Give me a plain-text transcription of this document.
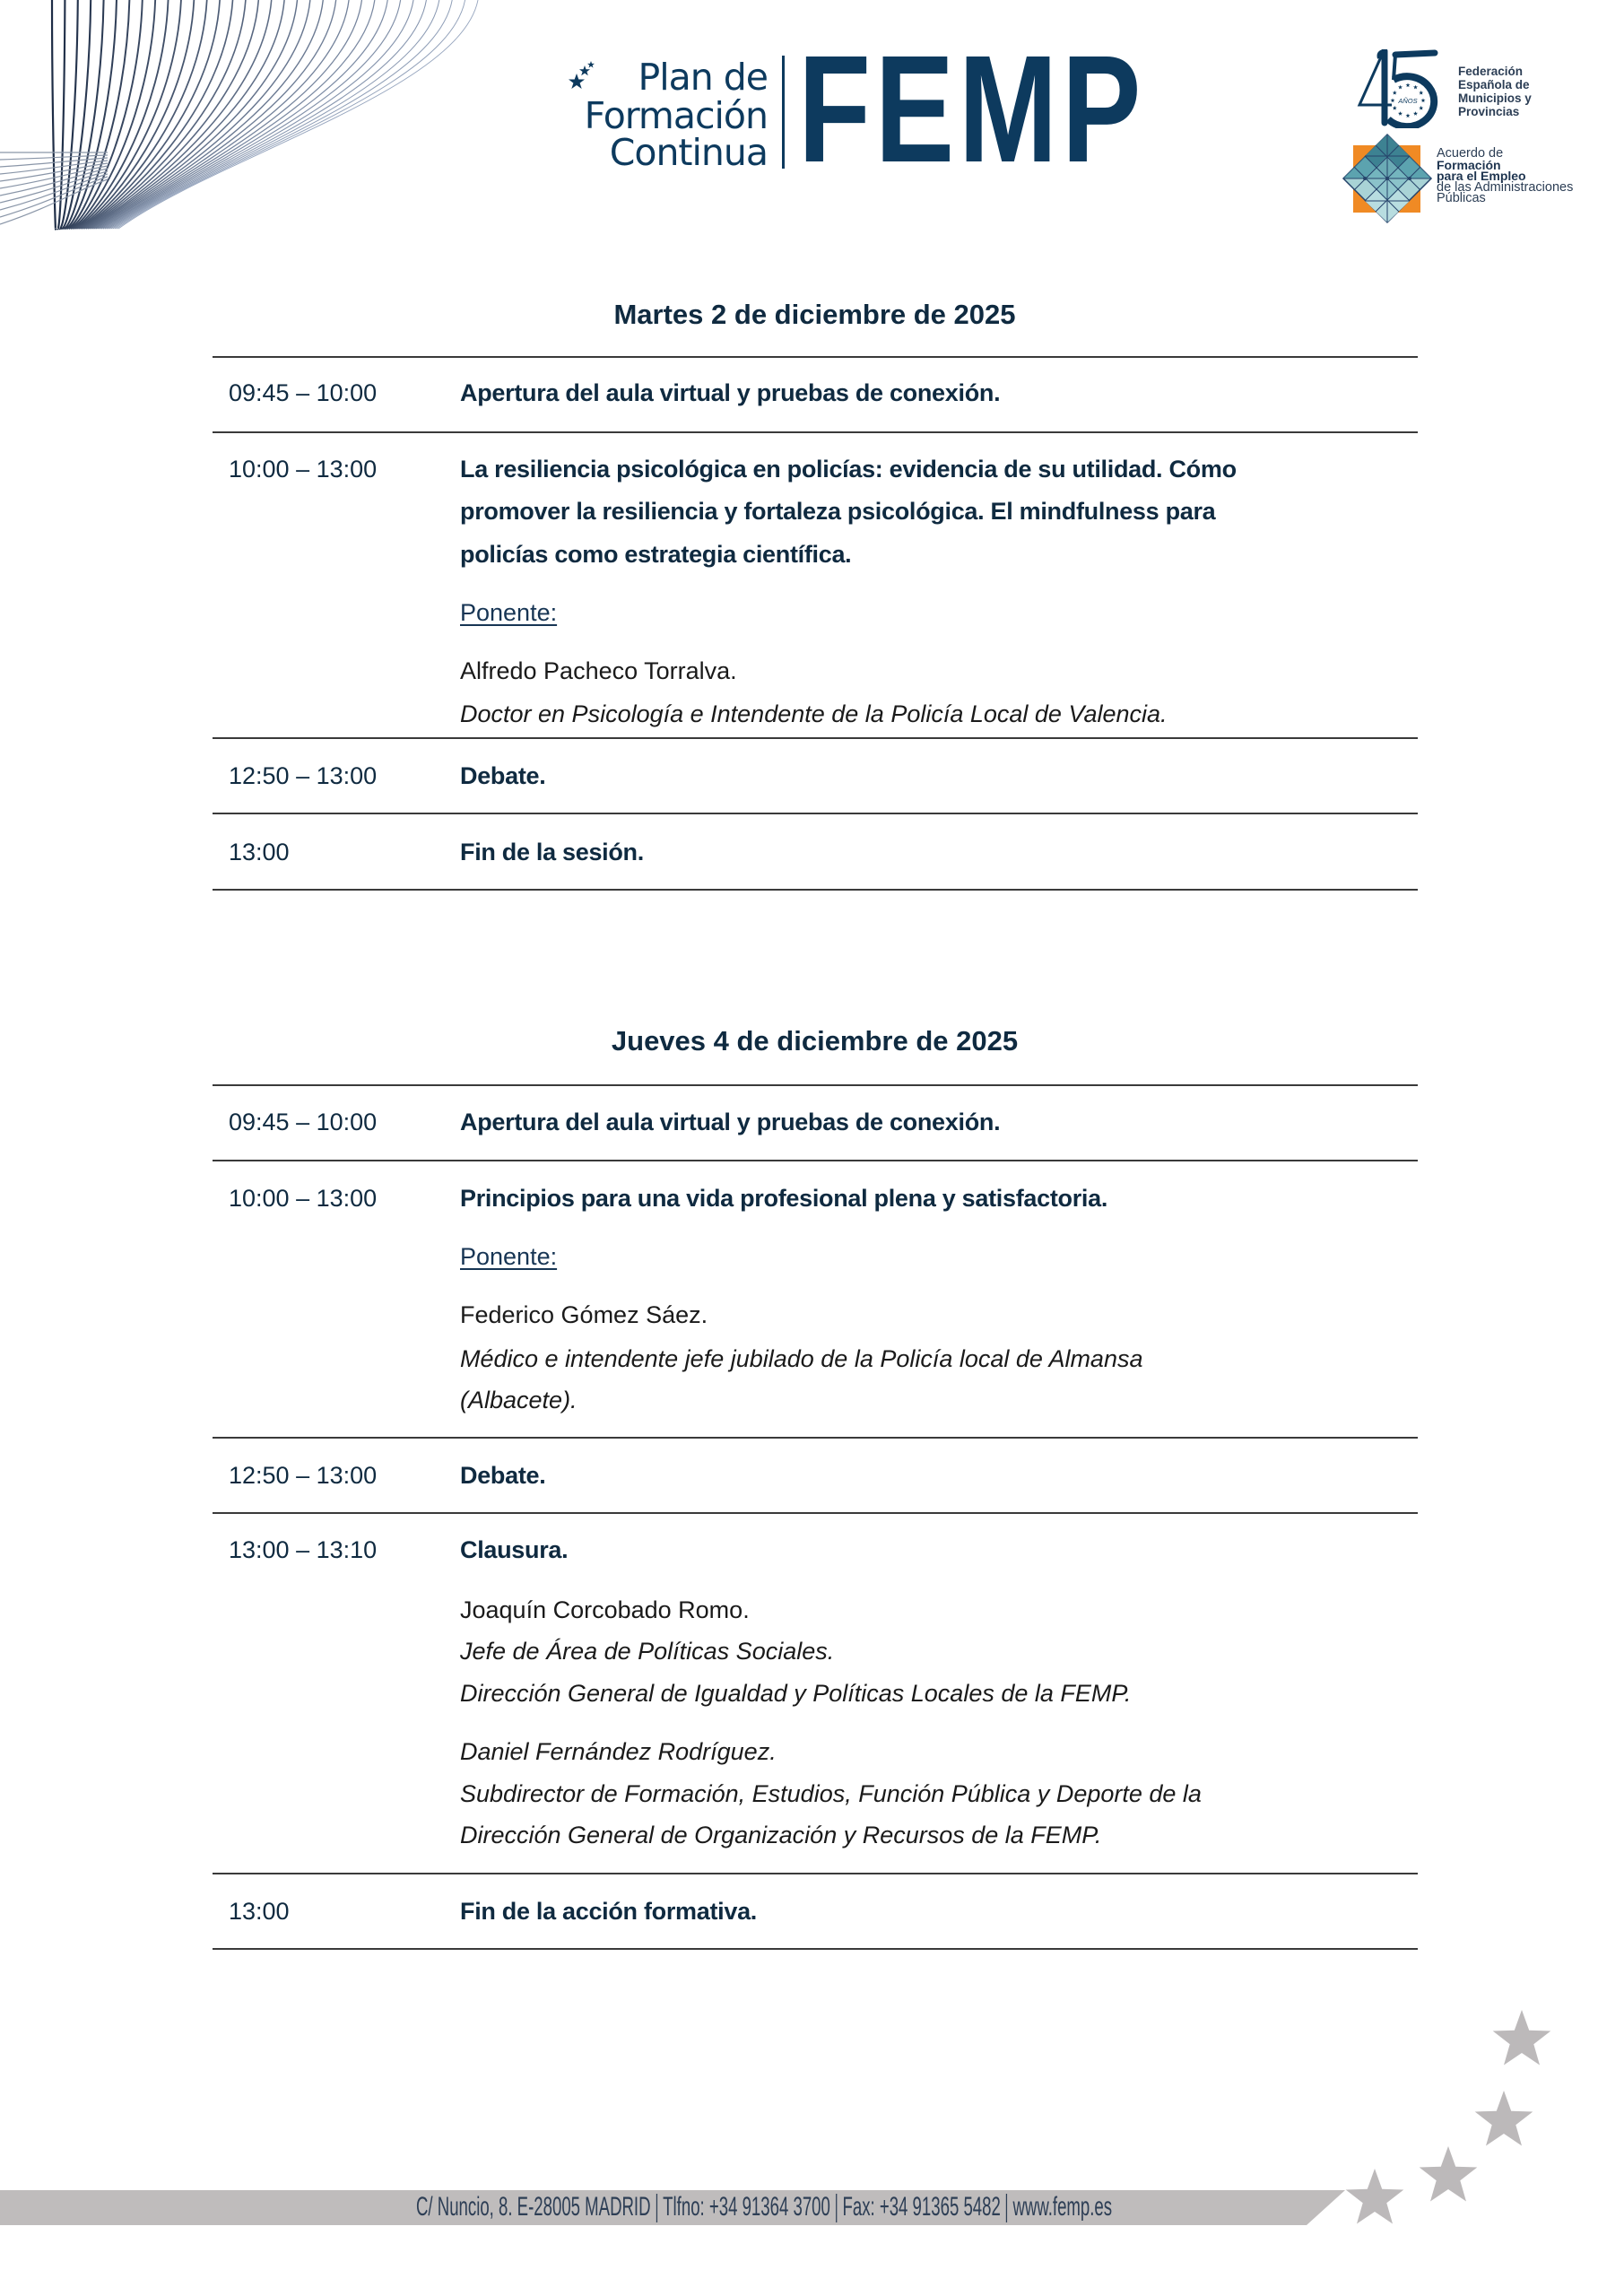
Plan de
Formación
Continua FEMP	AÑOS
Federación
Española de
Municipios y
Provincias
Acuerdo de
Formación
para el Empleo
de las Administraciones
Públicas
Martes 2 de diciembre de 2025
09:45 – 10:00	Apertura del aula virtual y pruebas de conexión.
10:00 – 13:00	La resiliencia psicológica en policías: evidencia de su utilidad. Cómo
promover la resiliencia y fortaleza psicológica. El mindfulness para
policías como estrategia científica.
Ponente:
Alfredo Pacheco Torralva.
Doctor en Psicología e Intendente de la Policía Local de Valencia.
12:50 – 13:00	Debate.
13:00	Fin de la sesión.
Jueves 4 de diciembre de 2025
09:45 – 10:00	Apertura del aula virtual y pruebas de conexión.
10:00 – 13:00	Principios para una vida profesional plena y satisfactoria.
Ponente:
Federico Gómez Sáez.
Médico e intendente jefe jubilado de la Policía local de Almansa
(Albacete).
12:50 – 13:00	Debate.
13:00 – 13:10	Clausura.
Joaquín Corcobado Romo.
Jefe de Área de Políticas Sociales.
Dirección General de Igualdad y Políticas Locales de la FEMP.
Daniel Fernández Rodríguez.
Subdirector de Formación, Estudios, Función Pública y Deporte de la
Dirección General de Organización y Recursos de la FEMP.
13:00	Fin de la acción formativa.
C/ Nuncio, 8. E-28005 MADRID Tlfno: +34 91364 3700 Fax: +34 91365 5482 www.femp.es
